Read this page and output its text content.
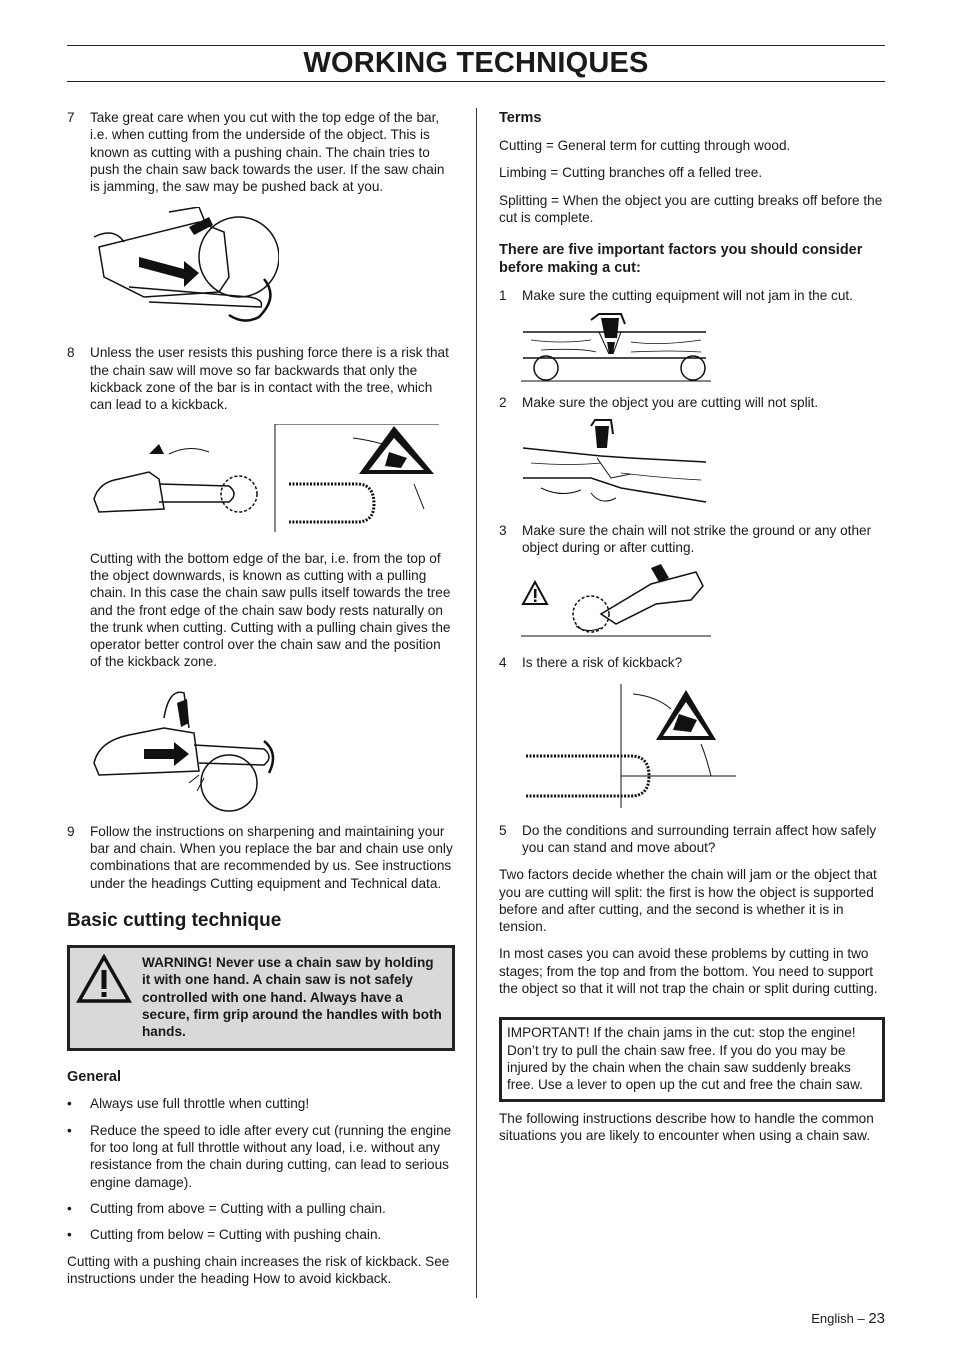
WORKING TECHNIQUES
7 Take great care when you cut with the top edge of the bar, i.e. when cutting from the underside of the object. This is known as cutting with a pushing chain. The chain tries to push the chain saw back towards the user. If the saw chain is jamming, the saw may be pushed back at you.

8 Unless the user resists this pushing force there is a risk that the chain saw will move so far backwards that only the kickback zone of the bar is in contact with the tree, which can lead to a kickback.

Cutting with the bottom edge of the bar, i.e. from the top of the object downwards, is known as cutting with a pulling chain. In this case the chain saw pulls itself towards the tree and the front edge of the chain saw body rests naturally on the trunk when cutting. Cutting with a pulling chain gives the operator better control over the chain saw and the position of the kickback zone.

9 Follow the instructions on sharpening and maintaining your bar and chain. When you replace the bar and chain use only combinations that are recommended by us. See instructions under the headings Cutting equipment and Technical data.

Basic cutting technique

WARNING! Never use a chain saw by holding it with one hand. A chain saw is not safely controlled with one hand. Always have a secure, firm grip around the handles with both hands.

General
• Always use full throttle when cutting!

• Reduce the speed to idle after every cut (running the engine for too long at full throttle without any load, i.e. without any resistance from the chain during cutting, can lead to serious engine damage).

• Cutting from above = Cutting with a pulling chain.

• Cutting from below = Cutting with pushing chain.

Cutting with a pushing chain increases the risk of kickback. See instructions under the heading How to avoid kickback.

Terms

Cutting = General term for cutting through wood.

Limbing = Cutting branches off a felled tree.

Splitting = When the object you are cutting breaks off before the cut is complete.

There are five important factors you should consider before making a cut:

1 Make sure the cutting equipment will not jam in the cut.

2 Make sure the object you are cutting will not split.

3 Make sure the chain will not strike the ground or any other object during or after cutting.

4 Is there a risk of kickback?

5 Do the conditions and surrounding terrain affect how safely you can stand and move about?

Two factors decide whether the chain will jam or the object that you are cutting will split: the first is how the object is supported before and after cutting, and the second is whether it is in tension.

In most cases you can avoid these problems by cutting in two stages; from the top and from the bottom. You need to support the object so that it will not trap the chain or split during cutting.

IMPORTANT! If the chain jams in the cut: stop the engine! Don’t try to pull the chain saw free. If you do you may be injured by the chain when the chain saw suddenly breaks free. Use a lever to open up the cut and free the chain saw.

The following instructions describe how to handle the common situations you are likely to encounter when using a chain saw.

English – 23
